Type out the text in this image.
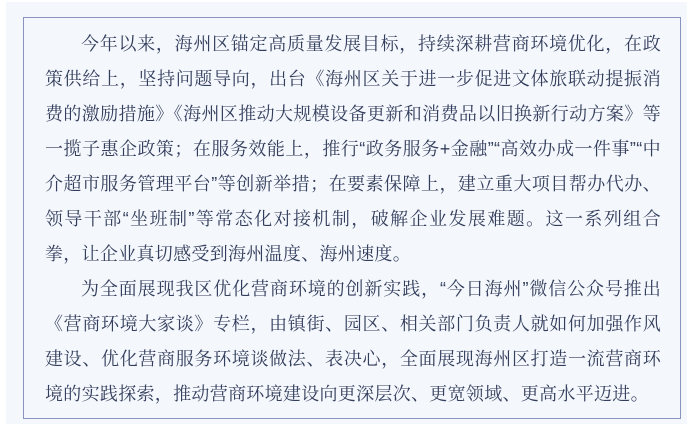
今年以来，海州区锚定高质量发展目标，持续深耕营商环境优化，在政策供给上，坚持问题导向，出台《海州区关于进一步促进文体旅联动提振消费的激励措施》《海州区推动大规模设备更新和消费品以旧换新行动方案》等一揽子惠企政策；在服务效能上，推行“政务服务+金融”“高效办成一件事”“中介超市服务管理平台”等创新举措；在要素保障上，建立重大项目帮办代办、领导干部“坐班制”等常态化对接机制，破解企业发展难题。这一系列组合拳，让企业真切感受到海州温度、海州速度。

为全面展现我区优化营商环境的创新实践，“今日海州”微信公众号推出《营商环境大家谈》专栏，由镇街、园区、相关部门负责人就如何加强作风建设、优化营商服务环境谈做法、表决心，全面展现海州区打造一流营商环境的实践探索，推动营商环境建设向更深层次、更宽领域、更高水平迈进。
